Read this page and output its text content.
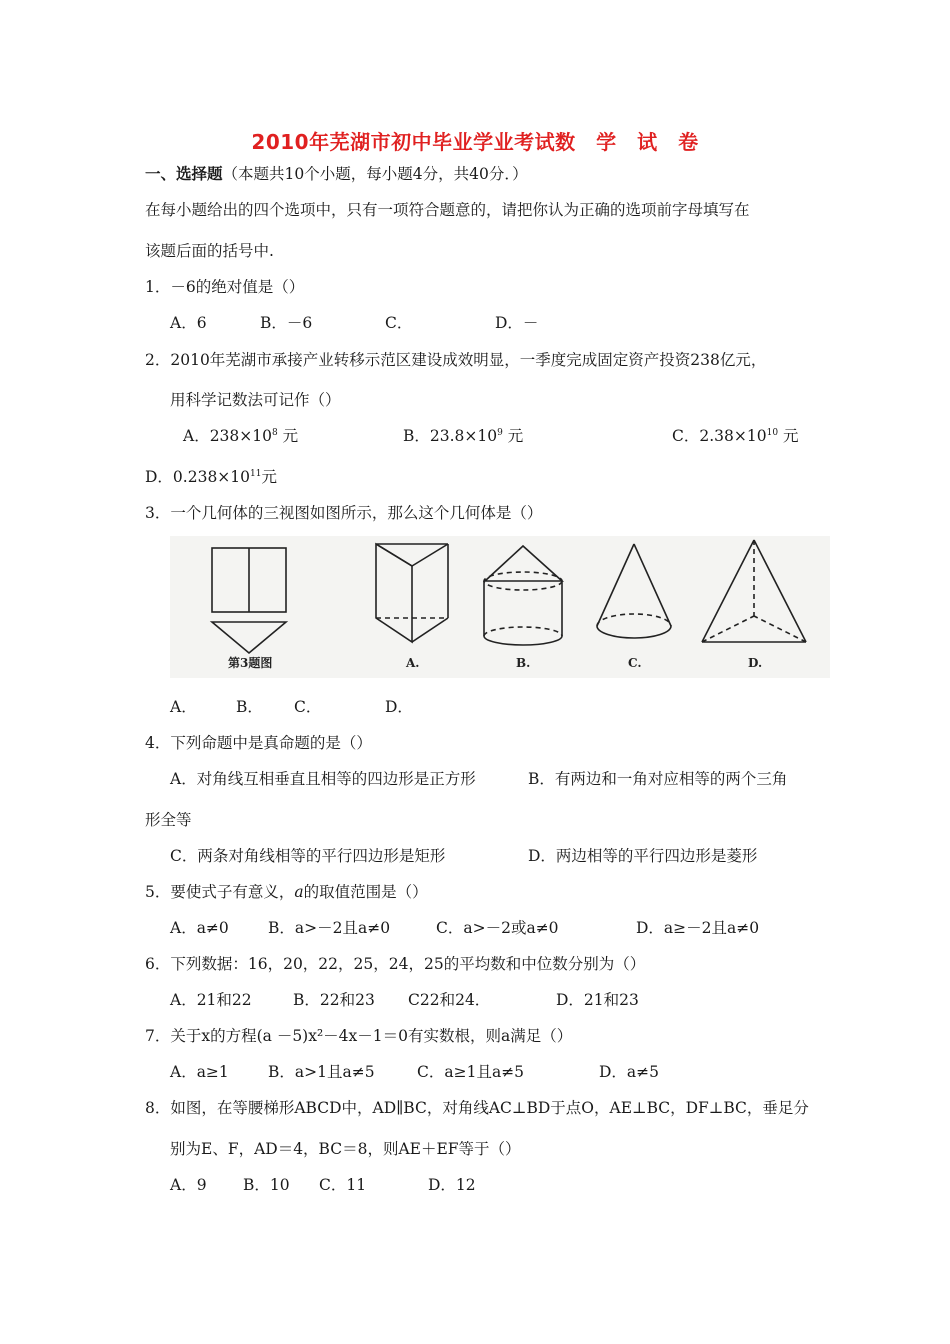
2010年芜湖市初中毕业学业考试数　学　试　卷
一、选择题（本题共10个小题，每小题4分，共40分．）
在每小题给出的四个选项中，只有一项符合题意的，请把你认为正确的选项前字母填写在
该题后面的括号中.
1．－6的绝对值是（）
A．6	B．－6	C．	D．－
2．2010年芜湖市承接产业转移示范区建设成效明显，一季度完成固定资产投资238亿元，
用科学记数法可记作（）
A．$238\times 10^8$ 元	B．$23.8\times 10^9$ 元	C．$2.38\times 10^{10}$ 元
D．$0.238\times 10^{11}$元
3．一个几何体的三视图如图所示，那么这个几何体是（）
第3题图	A.	B.	C.	D.
A．	B． C．	D．
4．下列命题中是真命题的是（）
A．对角线互相垂直且相等的四边形是正方形	B．有两边和一角对应相等的两个三角
形全等
C．两条对角线相等的平行四边形是矩形	D．两边相等的平行四边形是菱形
5．要使式子有意义，a的取值范围是（）
A．a≠0	B．a>－2且a≠0	C．a>－2或a≠0	D．a≥－2且a≠0
6．下列数据：16，20，22，25，24，25的平均数和中位数分别为（）
A．21和22	B．22和23 C22和24．	D．21和23
7．关于x的方程(a －5)x²－4x－1＝0有实数根，则a满足（）
A．a≥1	B．a>1且a≠5	C．a≥1且a≠5	D．a≠5
8．如图，在等腰梯形ABCD中，AD∥BC，对角线AC⊥BD于点O，AE⊥BC，DF⊥BC，垂足分
别为E、F，AD＝4，BC＝8，则AE＋EF等于（）
A．9 B．10 C．11	D．12
